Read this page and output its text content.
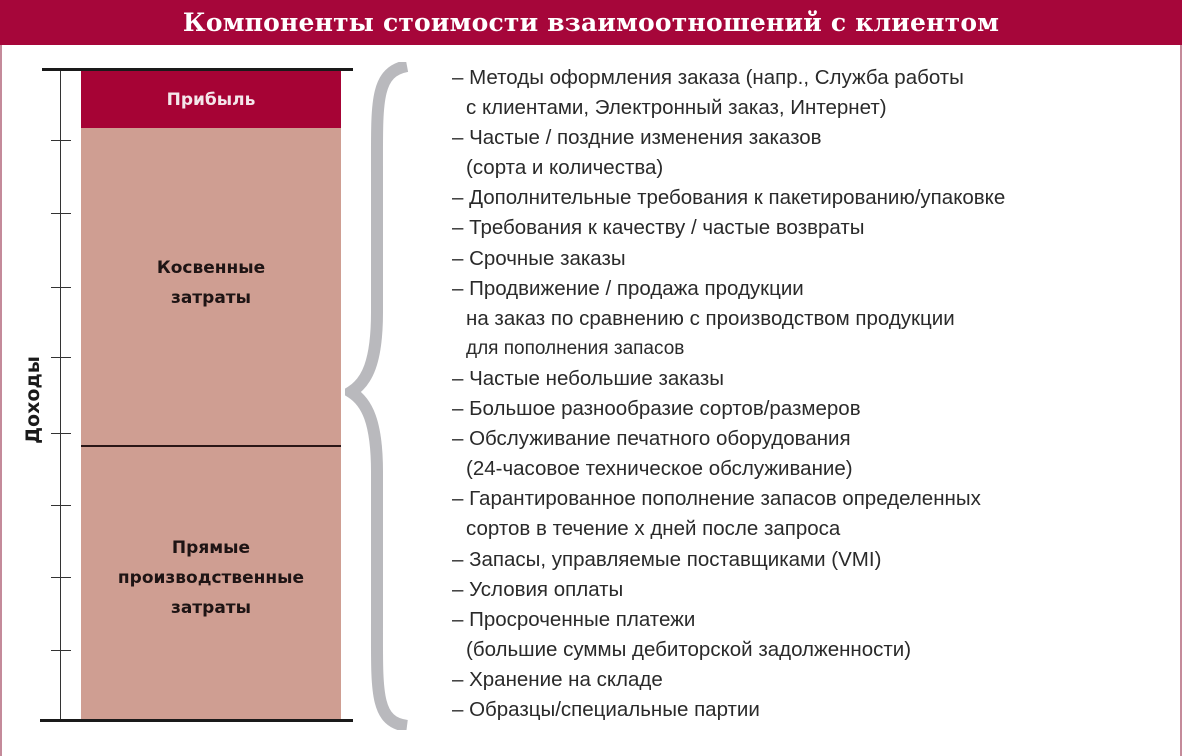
Компоненты стоимости взаимоотношений с клиентом
Доходы
Прибыль
Косвенные
затраты
Прямые
производственные
затраты
– Методы оформления заказа (напр., Служба работы
с клиентами, Электронный заказ, Интернет)
– Частые / поздние изменения заказов
(сорта и количества)
– Дополнительные требования к пакетированию/упаковке
– Требования к качеству / частые возвраты
– Срочные заказы
– Продвижение / продажа продукции
на заказ по сравнению с производством продукции
для пополнения запасов
– Частые небольшие заказы
– Большое разнообразие сортов/размеров
– Обслуживание печатного оборудования
(24-часовое техническое обслуживание)
– Гарантированное пополнение запасов определенных
сортов в течение x дней после запроса
– Запасы, управляемые поставщиками (VMI)
– Условия оплаты
– Просроченные платежи
(большие суммы дебиторской задолженности)
– Хранение на складе
– Образцы/специальные партии
